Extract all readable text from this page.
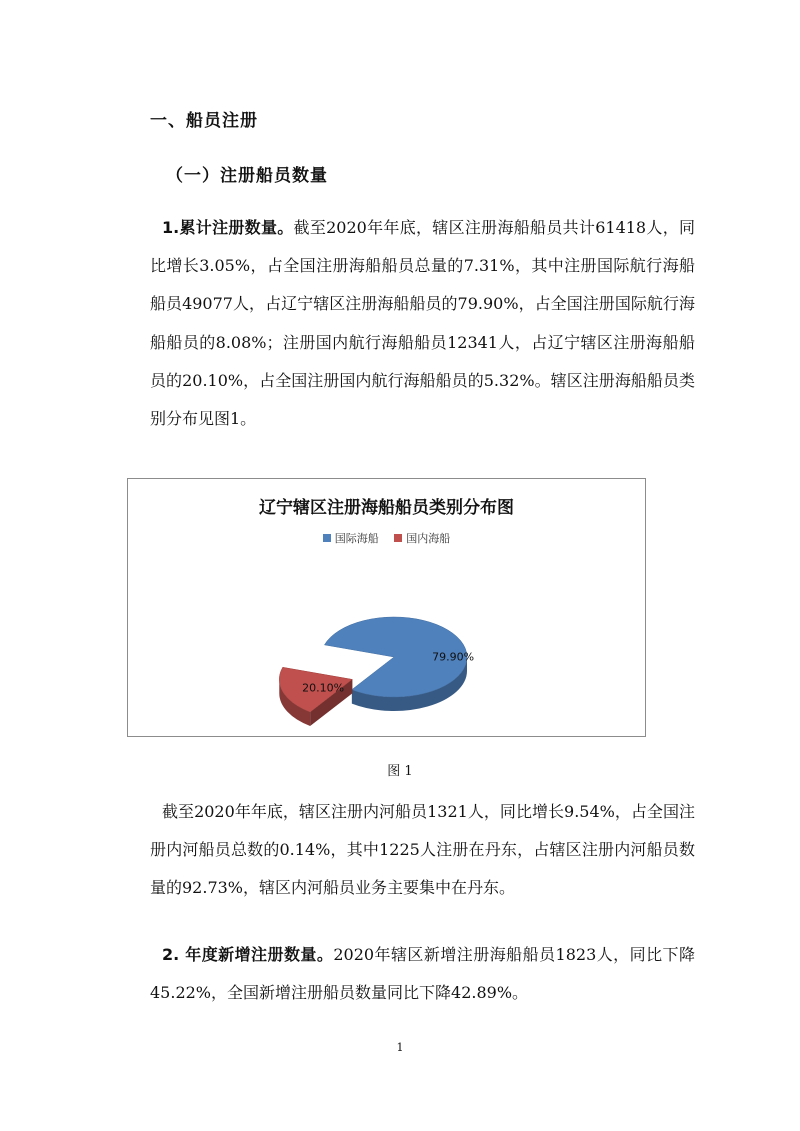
一、船员注册
（一）注册船员数量
1.累计注册数量。截至2020年年底，辖区注册海船船员共计61418人，同比增长3.05%，占全国注册海船船员总量的7.31%，其中注册国际航行海船船员49077人，占辽宁辖区注册海船船员的79.90%，占全国注册国际航行海船船员的8.08%；注册国内航行海船船员12341人，占辽宁辖区注册海船船员的20.10%，占全国注册国内航行海船船员的5.32%。辖区注册海船船员类别分布见图1。
79.90%
20.10%
辽宁辖区注册海船船员类别分布图
国际海船
	国内海船
图 1
截至2020年年底，辖区注册内河船员1321人，同比增长9.54%，占全国注册内河船员总数的0.14%，其中1225人注册在丹东，占辖区注册内河船员数量的92.73%，辖区内河船员业务主要集中在丹东。
2. 年度新增注册数量。2020年辖区新增注册海船船员1823人，同比下降45.22%，全国新增注册船员数量同比下降42.89%。
1
